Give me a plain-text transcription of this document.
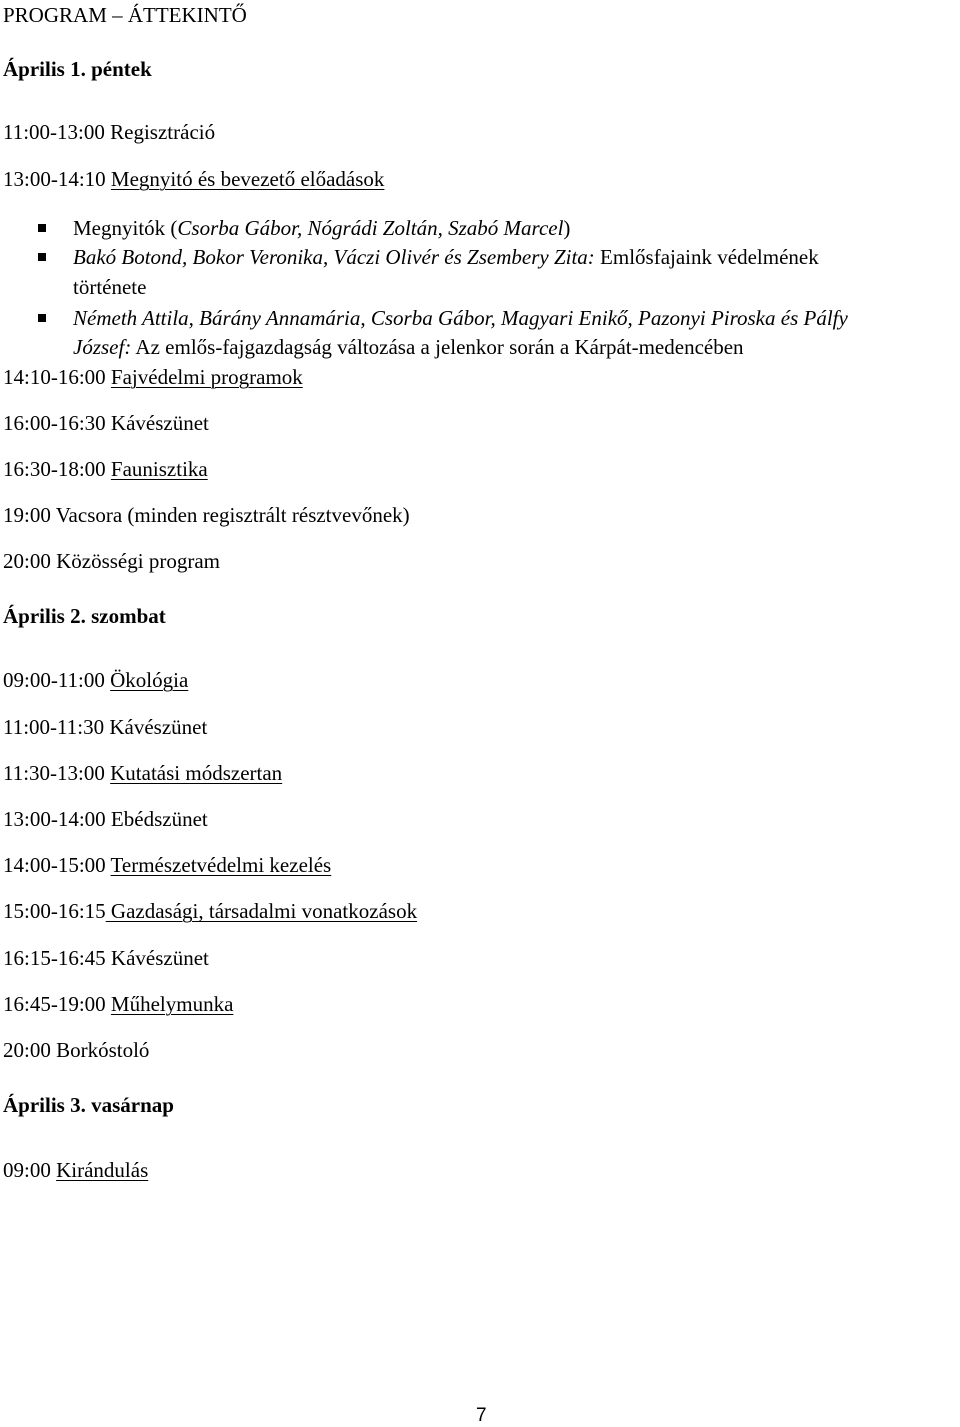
PROGRAM – ÁTTEKINTŐ
Április 1. péntek
11:00-13:00 Regisztráció
13:00-14:10 Megnyitó és bevezető előadások
Megnyitók (Csorba Gábor, Nógrádi Zoltán, Szabó Marcel)
Bakó Botond, Bokor Veronika, Váczi Olivér és Zsembery Zita: Emlősfajaink védelmének
története
Németh Attila, Bárány Annamária, Csorba Gábor, Magyari Enikő, Pazonyi Piroska és Pálfy
József: Az emlős-fajgazdagság változása a jelenkor során a Kárpát-medencében
14:10-16:00 Fajvédelmi programok
16:00-16:30 Kávészünet
16:30-18:00 Faunisztika
19:00 Vacsora (minden regisztrált résztvevőnek)
20:00 Közösségi program
Április 2. szombat
09:00-11:00 Ökológia
11:00-11:30 Kávészünet
11:30-13:00 Kutatási módszertan
13:00-14:00 Ebédszünet
14:00-15:00 Természetvédelmi kezelés
15:00-16:15 Gazdasági, társadalmi vonatkozások
16:15-16:45 Kávészünet
16:45-19:00 Műhelymunka
20:00 Borkóstoló
Április 3. vasárnap
09:00 Kirándulás
7
